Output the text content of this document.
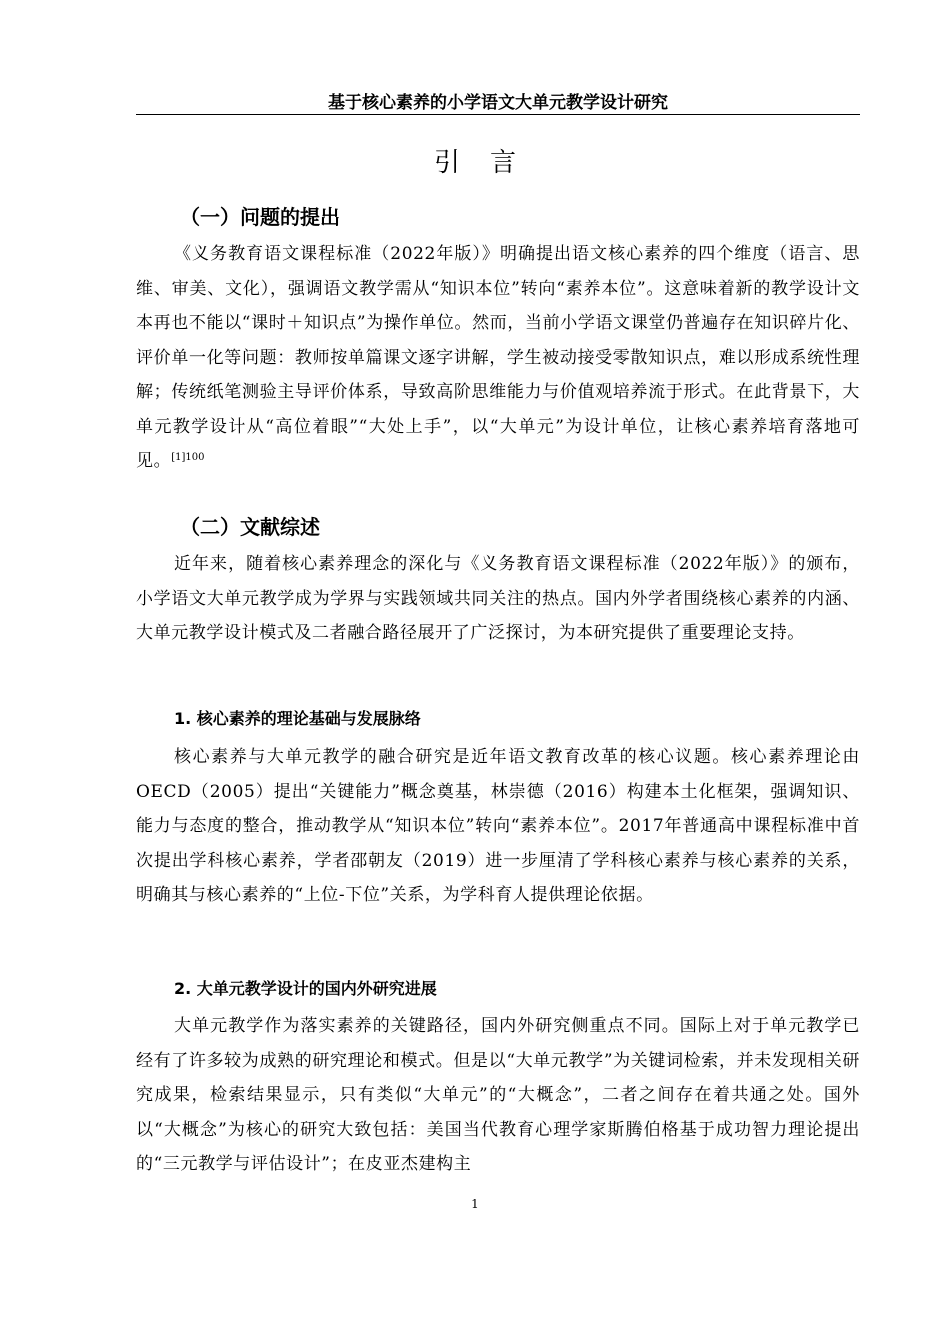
基于核心素养的小学语文大单元教学设计研究
引言
（一）问题的提出

《义务教育语文课程标准（2022年版）》明确提出语文核心素养的四个维度（语言、思维、审美、文化），强调语文教学需从“知识本位”转向“素养本位”。这意味着新的教学设计文本再也不能以“课时＋知识点”为操作单位。然而，当前小学语文课堂仍普遍存在知识碎片化、评价单一化等问题：教师按单篇课文逐字讲解，学生被动接受零散知识点，难以形成系统性理解；传统纸笔测验主导评价体系，导致高阶思维能力与价值观培养流于形式。在此背景下，大单元教学设计从“高位着眼”“大处上手”，以“大单元”为设计单位，让核心素养培育落地可见。$^{[1]100}$

（二）文献综述

近年来，随着核心素养理念的深化与《义务教育语文课程标准（2022年版）》的颁布，小学语文大单元教学成为学界与实践领域共同关注的热点。国内外学者围绕核心素养的内涵、大单元教学设计模式及二者融合路径展开了广泛探讨，为本研究提供了重要理论支持。

1. 核心素养的理论基础与发展脉络

核心素养与大单元教学的融合研究是近年语文教育改革的核心议题。核心素养理论由OECD（2005）提出“关键能力”概念奠基，林崇德（2016）构建本土化框架，强调知识、能力与态度的整合，推动教学从“知识本位”转向“素养本位”。2017年普通高中课程标准中首次提出学科核心素养，学者邵朝友（2019）进一步厘清了学科核心素养与核心素养的关系，明确其与核心素养的“上位-下位”关系，为学科育人提供理论依据。

2. 大单元教学设计的国内外研究进展

大单元教学作为落实素养的关键路径，国内外研究侧重点不同。国际上对于单元教学已经有了许多较为成熟的研究理论和模式。但是以“大单元教学”为关键词检索，并未发现相关研究成果，检索结果显示，只有类似“大单元”的“大概念”，二者之间存在着共通之处。国外以“大概念”为核心的研究大致包括：美国当代教育心理学家斯腾伯格基于成功智力理论提出的“三元教学与评估设计”；在皮亚杰建构主

1
